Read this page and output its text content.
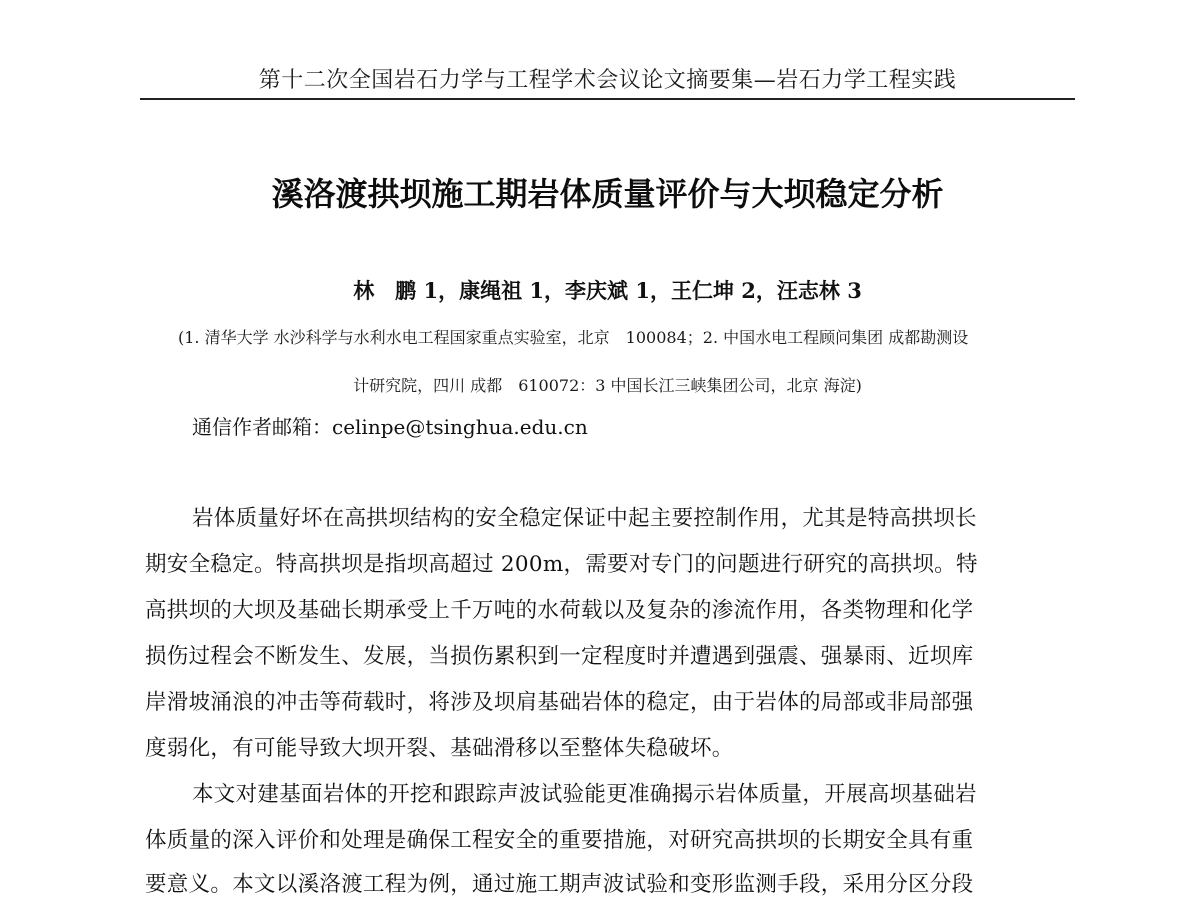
第十二次全国岩石力学与工程学术会议论文摘要集—岩石力学工程实践
溪洛渡拱坝施工期岩体质量评价与大坝稳定分析
林　鹏 1，康绳祖 1，李庆斌 1，王仁坤 2，汪志林 3
(1. 清华大学 水沙科学与水利水电工程国家重点实验室，北京　100084；2. 中国水电工程顾问集团 成都勘测设
计研究院，四川 成都　610072：3 中国长江三峡集团公司，北京 海淀)
通信作者邮箱：celinpe@tsinghua.edu.cn
岩体质量好坏在高拱坝结构的安全稳定保证中起主要控制作用，尤其是特高拱坝长
期安全稳定。特高拱坝是指坝高超过 200m，需要对专门的问题进行研究的高拱坝。特
高拱坝的大坝及基础长期承受上千万吨的水荷载以及复杂的渗流作用，各类物理和化学
损伤过程会不断发生、发展，当损伤累积到一定程度时并遭遇到强震、强暴雨、近坝库
岸滑坡涌浪的冲击等荷载时，将涉及坝肩基础岩体的稳定，由于岩体的局部或非局部强
度弱化，有可能导致大坝开裂、基础滑移以至整体失稳破坏。
本文对建基面岩体的开挖和跟踪声波试验能更准确揭示岩体质量，开展高坝基础岩
体质量的深入评价和处理是确保工程安全的重要措施，对研究高拱坝的长期安全具有重
要意义。本文以溪洛渡工程为例，通过施工期声波试验和变形监测手段，采用分区分段
